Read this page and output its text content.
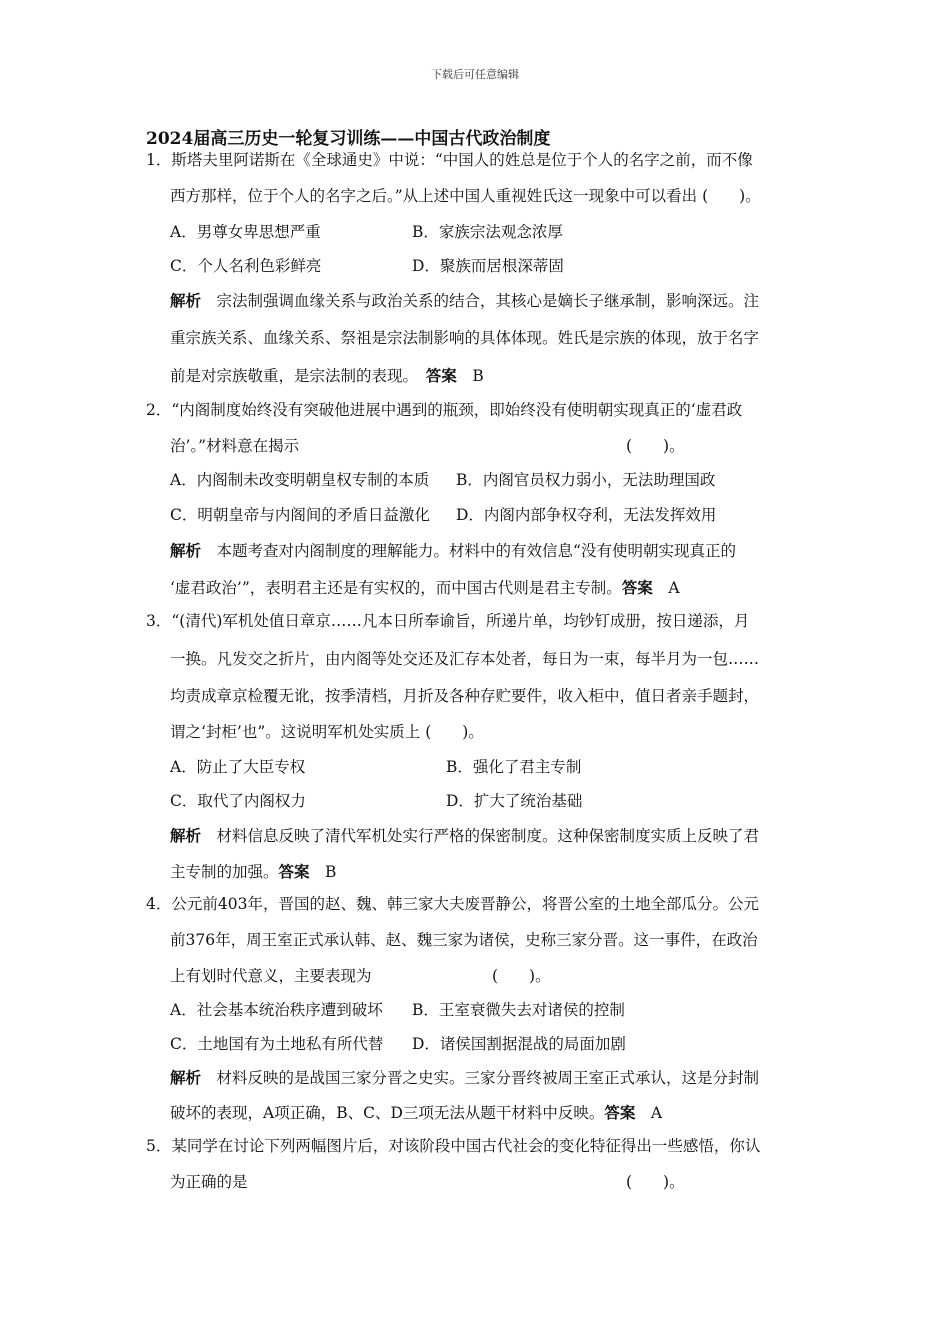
下载后可任意编辑
2024届高三历史一轮复习训练——中国古代政治制度
1．斯塔夫里阿诺斯在《全球通史》中说：“中国人的姓总是位于个人的名字之前，而不像
西方那样，位于个人的名字之后。”从上述中国人重视姓氏这一现象中可以看出 (　　)。
A．男尊女卑思想严重	B．家族宗法观念浓厚
C．个人名利色彩鲜亮	D．聚族而居根深蒂固
解析　 宗法制强调血缘关系与政治关系的结合，其核心是嫡长子继承制，影响深远。注
重宗族关系、血缘关系、祭祖是宗法制影响的具体体现。姓氏是宗族的体现，放于名字
前是对宗族敬重，是宗法制的表现。　 答案　 B
2．“内阁制度始终没有突破他进展中遇到的瓶颈，即始终没有使明朝实现真正的‘虚君政
治’。”材料意在揭示	(　　)。
A．内阁制未改变明朝皇权专制的本质 B．内阁官员权力弱小，无法助理国政
C．明朝皇帝与内阁间的矛盾日益激化 D．内阁内部争权夺利，无法发挥效用
解析　 本题考查对内阁制度的理解能力。材料中的有效信息“没有使明朝实现真正的
‘虚君政治’”，表明君主还是有实权的，而中国古代则是君主专制。答案　 A
3．“(清代)军机处值日章京……凡本日所奉谕旨，所递片单，均钞钉成册，按日递添，月
一换。凡发交之折片，由内阁等处交还及汇存本处者，每日为一束，每半月为一包……
均责成章京检覆无讹，按季清档，月折及各种存贮要件，收入柜中，值日者亲手题封，
谓之‘封柜’也”。这说明军机处实质上 (　　)。
A．防止了大臣专权	B．强化了君主专制
C．取代了内阁权力	D．扩大了统治基础
解析　 材料信息反映了清代军机处实行严格的保密制度。这种保密制度实质上反映了君
主专制的加强。答案　 B
4．公元前403年，晋国的赵、魏、韩三家大夫废晋静公，将晋公室的土地全部瓜分。公元
前376年，周王室正式承认韩、赵、魏三家为诸侯，史称三家分晋。这一事件，在政治
上有划时代意义，主要表现为	(　　)。
A．社会基本统治秩序遭到破坏 B．王室衰微失去对诸侯的控制
C．土地国有为土地私有所代替 D．诸侯国割据混战的局面加剧
解析　 材料反映的是战国三家分晋之史实。三家分晋终被周王室正式承认，这是分封制
破坏的表现，A项正确，B、C、D三项无法从题干材料中反映。答案　 A
5．某同学在讨论下列两幅图片后，对该阶段中国古代社会的变化特征得出一些感悟，你认
为正确的是	(　　)。
